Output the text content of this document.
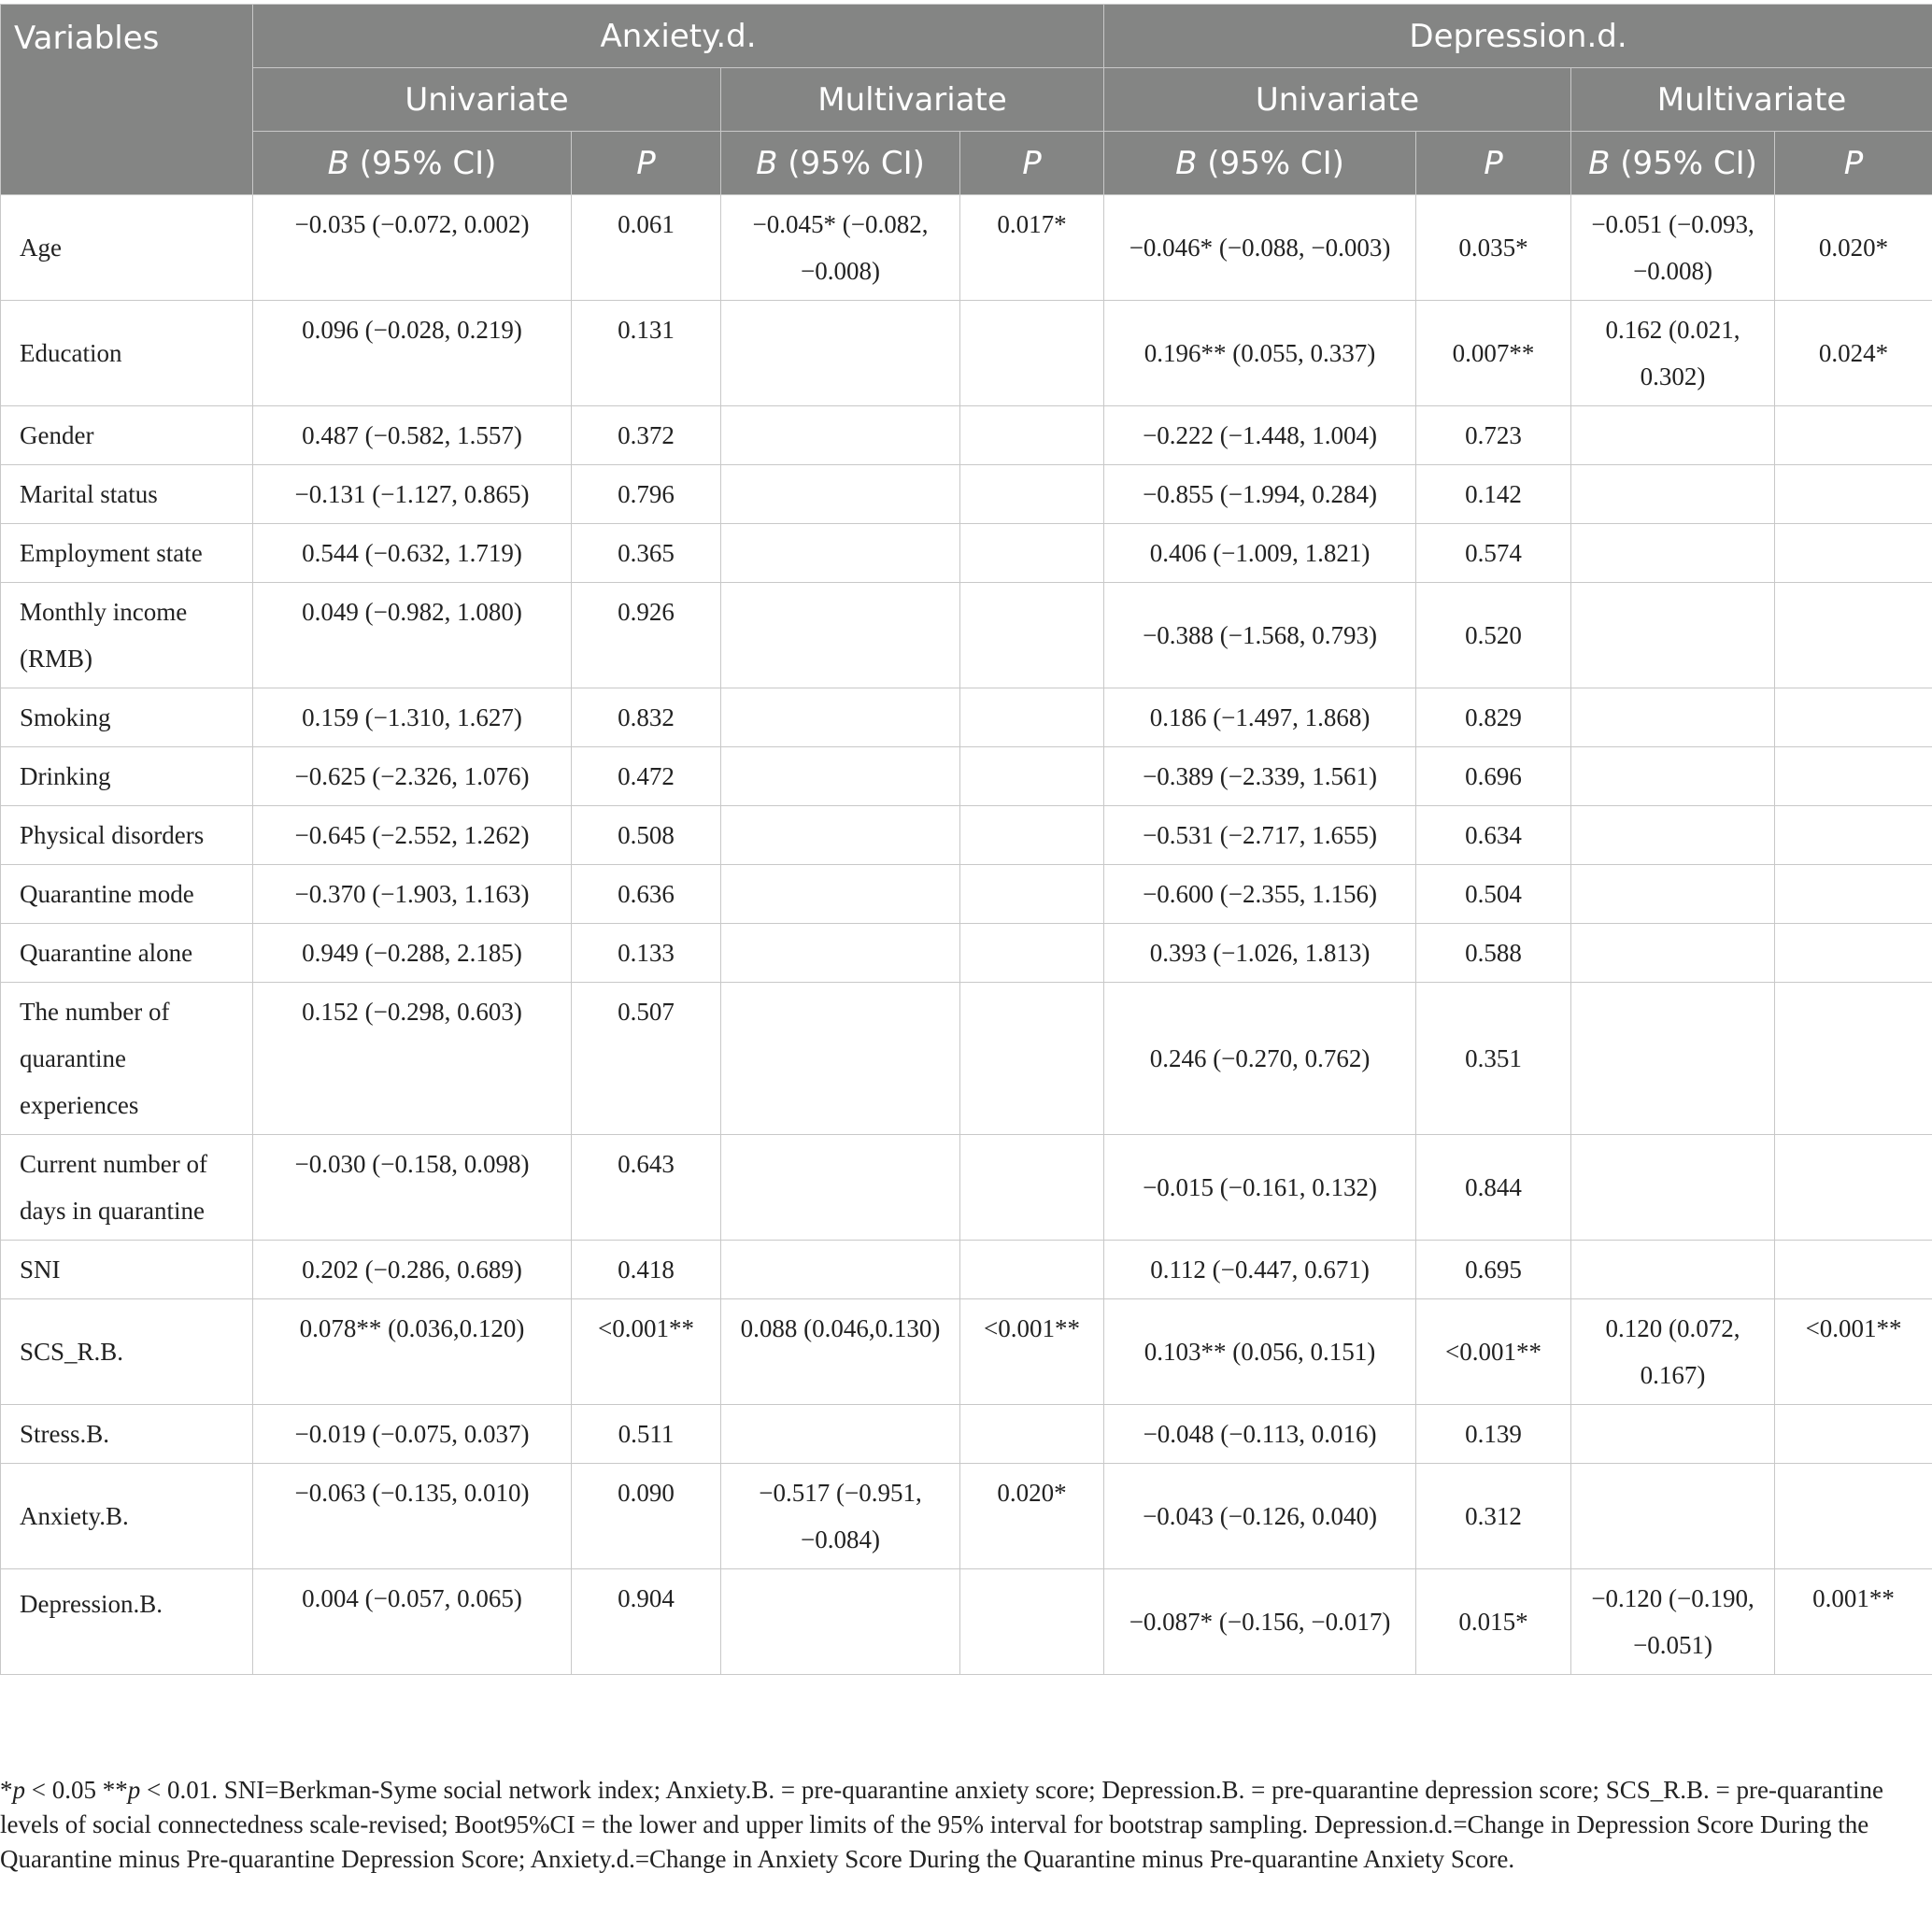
Variables	Anxiety.d.				Depression.d.			
	Univariate		Multivariate		Univariate		Multivariate	
	B (95% CI)	P	B (95% CI)	P	B (95% CI)	P	B (95% CI)	P
Age	−0.035 (−0.072, 0.002)	0.061	−0.045* (−0.082, −0.008)	0.017*	−0.046* (−0.088, −0.003)	0.035*	−0.051 (−0.093, −0.008)	0.020*
Education	0.096 (−0.028, 0.219)	0.131			0.196** (0.055, 0.337)	0.007**	0.162 (0.021, 0.302)	0.024*
Gender	0.487 (−0.582, 1.557)	0.372			−0.222 (−1.448, 1.004)	0.723		
Marital status	−0.131 (−1.127, 0.865)	0.796			−0.855 (−1.994, 0.284)	0.142		
Employment state	0.544 (−0.632, 1.719)	0.365			0.406 (−1.009, 1.821)	0.574		
Monthly income (RMB)	0.049 (−0.982, 1.080)	0.926			−0.388 (−1.568, 0.793)	0.520		
Smoking	0.159 (−1.310, 1.627)	0.832			0.186 (−1.497, 1.868)	0.829		
Drinking	−0.625 (−2.326, 1.076)	0.472			−0.389 (−2.339, 1.561)	0.696		
Physical disorders	−0.645 (−2.552, 1.262)	0.508			−0.531 (−2.717, 1.655)	0.634		
Quarantine mode	−0.370 (−1.903, 1.163)	0.636			−0.600 (−2.355, 1.156)	0.504		
Quarantine alone	0.949 (−0.288, 2.185)	0.133			0.393 (−1.026, 1.813)	0.588		
The number of quarantine experiences	0.152 (−0.298, 0.603)	0.507			0.246 (−0.270, 0.762)	0.351		
Current number of days in quarantine	−0.030 (−0.158, 0.098)	0.643			−0.015 (−0.161, 0.132)	0.844		
SNI	0.202 (−0.286, 0.689)	0.418			0.112 (−0.447, 0.671)	0.695		
SCS_R.B.	0.078** (0.036,0.120)	<0.001**	0.088 (0.046,0.130)	<0.001**	0.103** (0.056, 0.151)	<0.001**	0.120 (0.072, 0.167)	<0.001**
Stress.B.	−0.019 (−0.075, 0.037)	0.511			−0.048 (−0.113, 0.016)	0.139		
Anxiety.B.	−0.063 (−0.135, 0.010)	0.090	−0.517 (−0.951, −0.084)	0.020*	−0.043 (−0.126, 0.040)	0.312		
Depression.B.	0.004 (−0.057, 0.065)	0.904			−0.087* (−0.156, −0.017)	0.015*	−0.120 (−0.190, −0.051)	0.001**
*p < 0.05 **p < 0.01. SNI=Berkman-Syme social network index; Anxiety.B. = pre-quarantine anxiety score; Depression.B. = pre-quarantine depression score; SCS_R.B. = pre-quarantine levels of social connectedness scale-revised; Boot95%CI = the lower and upper limits of the 95% interval for bootstrap sampling. Depression.d.=Change in Depression Score During the Quarantine minus Pre-quarantine Depression Score; Anxiety.d.=Change in Anxiety Score During the Quarantine minus Pre-quarantine Anxiety Score.
